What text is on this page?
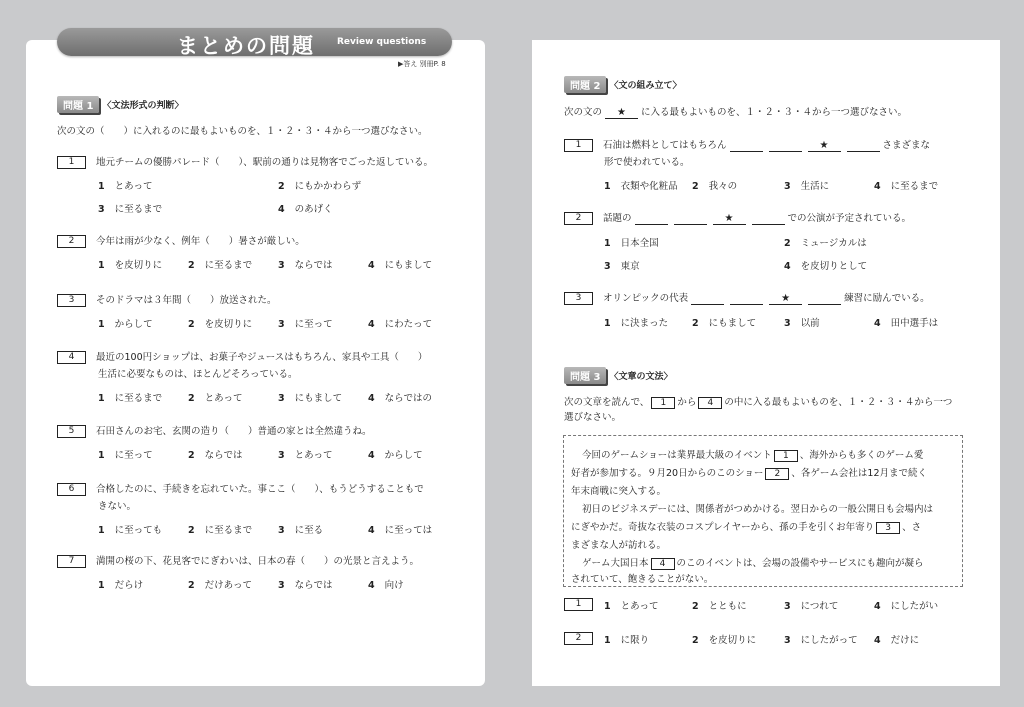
まとめの問題 Review questions
▶答え 別冊P. 8
問題 1	〈文法形式の判断〉
次の文の（　　）に入れるのに最もよいものを、１・２・３・４から一つ選びなさい。
1 地元チームの優勝パレード（　　）、駅前の通りは見物客でごった返している。
1 とあって	2 にもかかわらず
3 に至るまで	4 のあげく
2 今年は雨が少なく、例年（　　）暑さが厳しい。
1 を皮切りに	2 に至るまで	3 ならでは	4 にもまして
3 そのドラマは３年間（　　）放送された。
1 からして	2 を皮切りに	3 に至って	4 にわたって
4 最近の100円ショップは、お菓子やジュースはもちろん、家具や工具（　　）
生活に必要なものは、ほとんどそろっている。
1 に至るまで	2 とあって	3 にもまして	4 ならではの
5 石田さんのお宅、玄関の造り（　　）普通の家とは全然違うね。
1 に至って	2 ならでは	3 とあって	4 からして
6 合格したのに、手続きを忘れていた。事ここ（　　）、もうどうすることもで
きない。
1 に至っても	2 に至るまで	3 に至る	4 に至っては
7 満開の桜の下、花見客でにぎわいは、日本の春（　　）の光景と言えよう。
1 だらけ	2 だけあって	3 ならでは	4 向け
問題 2	〈文の組み立て〉
次の文の ★ に入る最もよいものを、１・２・３・４から一つ選びなさい。
1 石油は燃料としてはもちろん	★	さまざまな
形で使われている。
1 衣類や化粧品 2 我々の	3 生活に	4 に至るまで
2 話題の	★	での公演が予定されている。
1 日本全国	2 ミュージカルは
3 東京	4 を皮切りとして
3 オリンピックの代表	★	練習に励んでいる。
1 に決まった	2 にもまして	3 以前	4 田中選手は
問題 3	〈文章の文法〉
次の文章を読んで、 1 から 4 の中に入る最もよいものを、１・２・３・４から一つ
選びなさい。
今回のゲームショーは業界最大級のイベント 1 、海外からも多くのゲーム愛
好者が参加する。９月20日からのこのショー 2 、各ゲーム会社は12月まで続く
年末商戦に突入する。
初日のビジネスデーには、関係者がつめかける。翌日からの一般公開日も会場内は
にぎやかだ。奇抜な衣装のコスプレイヤーから、孫の手を引くお年寄り 3 、さ
まざまな人が訪れる。
ゲーム大国日本 4 のこのイベントは、会場の設備やサービスにも趣向が凝ら
されていて、飽きることがない。
1	1 とあって	2 とともに	3 につれて	4 にしたがい
2	1 に限り	2 を皮切りに	3 にしたがって 4 だけに
